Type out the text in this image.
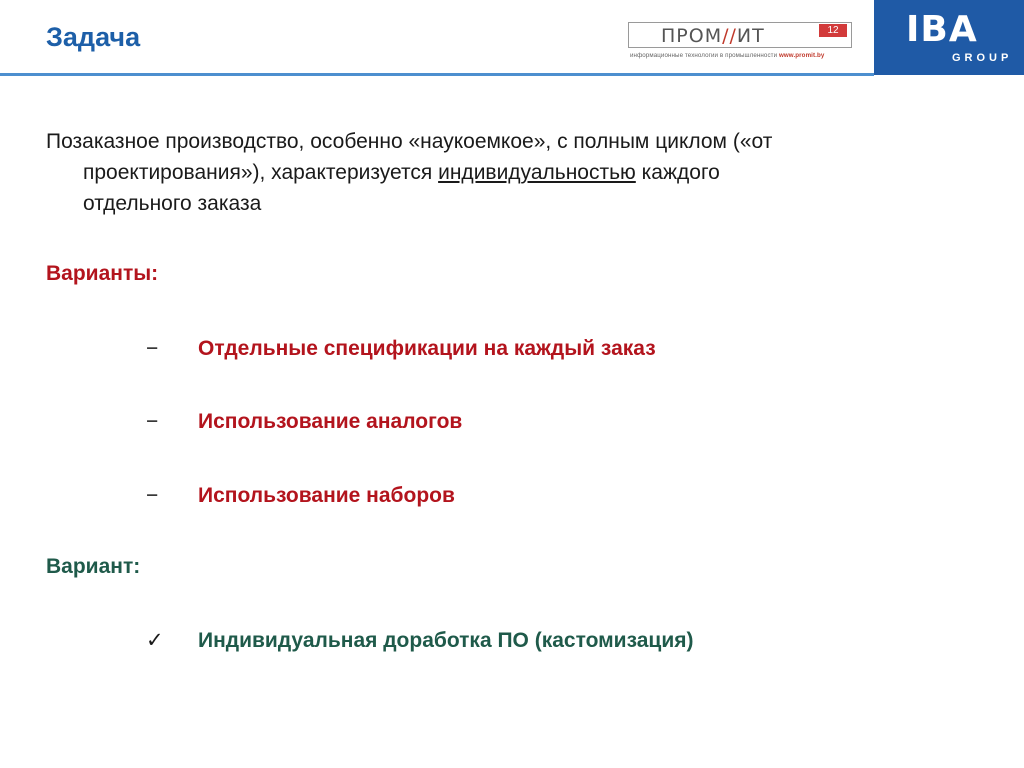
Задача	ПРОМ//ИТ	12
информационные технологии в промышленности www.promit.by
IBA
GROUP
Позаказное производство, особенно «наукоемкое», с полным циклом («от
проектирования»), характеризуется индивидуальностью каждого
отдельного заказа
Варианты:
− Отдельные спецификации на каждый заказ
− Использование аналогов
− Использование наборов
Вариант:
✓ Индивидуальная доработка ПО (кастомизация)
